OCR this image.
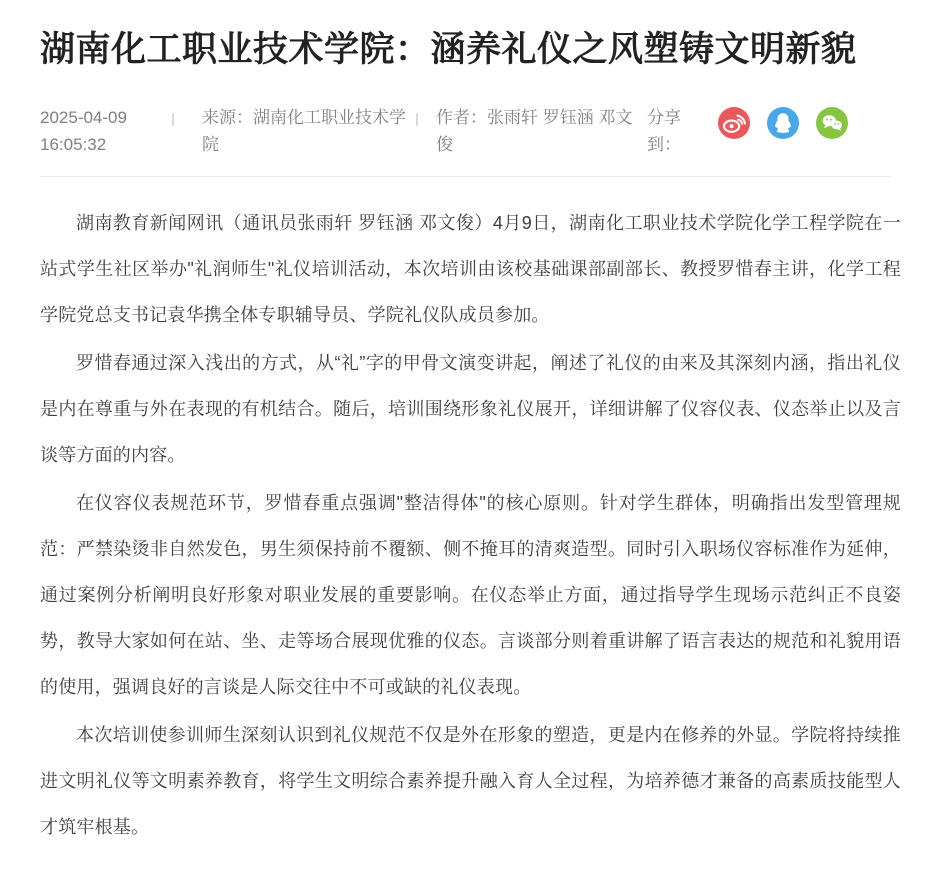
湖南化工职业技术学院：涵养礼仪之风塑铸文明新貌
2025-04-09 16:05:32
来源：湖南化工职业技术学院
作者：张雨轩 罗钰涵 邓文俊
分享到：

湖南教育新闻网讯（通讯员张雨轩 罗钰涵 邓文俊）4月9日，湖南化工职业技术学院化学工程学院在一站式学生社区举办"礼润师生"礼仪培训活动，本次培训由该校基础课部副部长、教授罗惜春主讲，化学工程学院党总支书记袁华携全体专职辅导员、学院礼仪队成员参加。

罗惜春通过深入浅出的方式，从“礼”字的甲骨文演变讲起，阐述了礼仪的由来及其深刻内涵，指出礼仪是内在尊重与外在表现的有机结合。随后，培训围绕形象礼仪展开，详细讲解了仪容仪表、仪态举止以及言谈等方面的内容。

在仪容仪表规范环节，罗惜春重点强调"整洁得体"的核心原则。针对学生群体，明确指出发型管理规范：严禁染烫非自然发色，男生须保持前不覆额、侧不掩耳的清爽造型。同时引入职场仪容标准作为延伸，通过案例分析阐明良好形象对职业发展的重要影响。在仪态举止方面，通过指导学生现场示范纠正不良姿势，教导大家如何在站、坐、走等场合展现优雅的仪态。言谈部分则着重讲解了语言表达的规范和礼貌用语的使用，强调良好的言谈是人际交往中不可或缺的礼仪表现。

本次培训使参训师生深刻认识到礼仪规范不仅是外在形象的塑造，更是内在修养的外显。学院将持续推进文明礼仪等文明素养教育，将学生文明综合素养提升融入育人全过程，为培养德才兼备的高素质技能型人才筑牢根基。
